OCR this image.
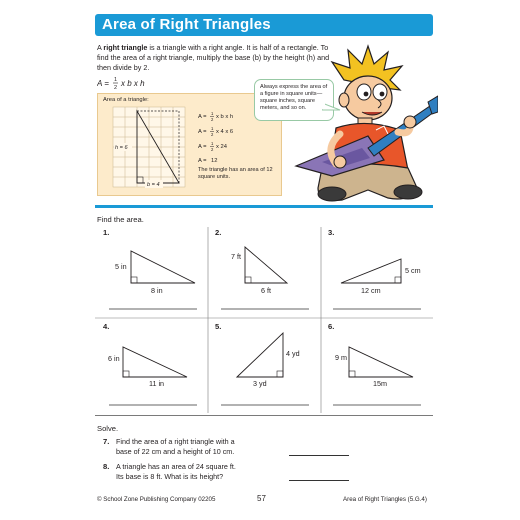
Area of Right Triangles
A right triangle is a triangle with a right angle. It is half of a rectangle. To find the area of a right triangle, multiply the base (b) by the height (h) and then divide by 2.
A = 1
2 x b x h
Area of a triangle:
h = 6
b = 4
A =
1
2 x b x h
A =
1
2 x 4 x 6
A =
1
2 x 24
A = 12
The triangle has an area of 12 square units.
Always express the area of a figure in square units—square inches, square meters, and so on.
Find the area.
1.
5 in
8 in
2.
7 ft
6 ft
3.
5 cm
12 cm
4.
6 in
11 in
5.
4 yd
3 yd
6.
9 m
15m
Solve.
7. Find the area of a right triangle with a
base of 22 cm and a height of 10 cm.
8. A triangle has an area of 24 square ft.
Its base is 8 ft. What is its height?
© School Zone Publishing Company 02205	57	Area of Right Triangles (5.G.4)
